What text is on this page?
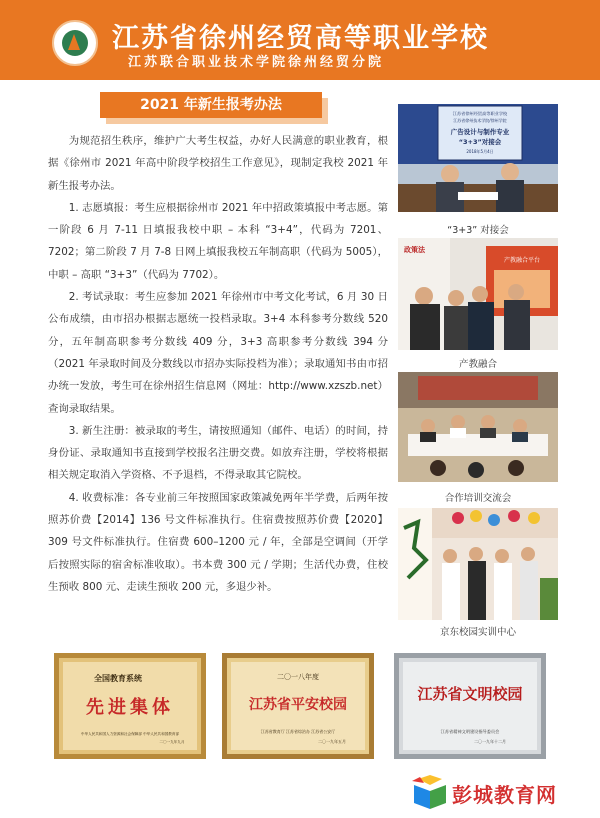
江苏省徐州经贸高等职业学校
江苏联合职业技术学院徐州经贸分院
2021 年新生报考办法

为规范招生秩序，维护广大考生权益，办好人民满意的职业教育，根据《徐州市 2021 年高中阶段学校招生工作意见》，现制定我校 2021 年新生报考办法。

1. 志愿填报：考生应根据徐州市 2021 年中招政策填报中考志愿。第一阶段 6 月 7-11 日填报我校中职 – 本科 “3+4”，代码为 7201、7202；第二阶段 7 月 7-8 日网上填报我校五年制高职（代码为 5005），中职 – 高职 “3+3”（代码为 7702）。

2. 考试录取：考生应参加 2021 年徐州市中考文化考试，6 月 30 日公布成绩，由市招办根据志愿统一投档录取。3+4 本科参考分数线 520 分，五年制高职参考分数线 409 分，3+3 高职参考分数线 394 分（2021 年录取时间及分数线以市招办实际投档为准）；录取通知书由市招办统一发放，考生可在徐州招生信息网（网址：http://www.xzszb.net）查询录取结果。

3. 新生注册：被录取的考生，请按照通知（邮件、电话）的时间，持身份证、录取通知书直接到学校报名注册交费。如放弃注册，学校将根据相关规定取消入学资格、不予退档，不得录取其它院校。

4. 收费标准：各专业前三年按照国家政策减免两年半学费，后两年按照苏价费【2014】136 号文件标准执行。住宿费按照苏价费【2020】309 号文件标准执行。住宿费 600–1200 元 / 年，全部是空调间（开学后按照实际的宿舍标准收取）。书本费 300 元 / 学期；生活代办费，住校生预收 800 元、走读生预收 200 元，多退少补。

江苏省徐州经贸高等职业学校
江苏省徐州技术学院/徐州学院
广告设计与制作专业
“3+3”对接会
2018年5月4日
“3+3” 对接会
政策法
产教融合平台
产教融合
合作培训交流会
京东校园实训中心
全国教育系统
先进集体
中华人民共和国人力资源和社会保障部 中华人民共和国教育部
二〇一九年九月
二〇一八年度
江苏省平安校园
江苏省教育厅 江苏省综治办 江苏省公安厅
二〇一九年五月
江苏省文明校园
江苏省精神文明建设指导委员会
二〇一九年十二月
彭城教育网
